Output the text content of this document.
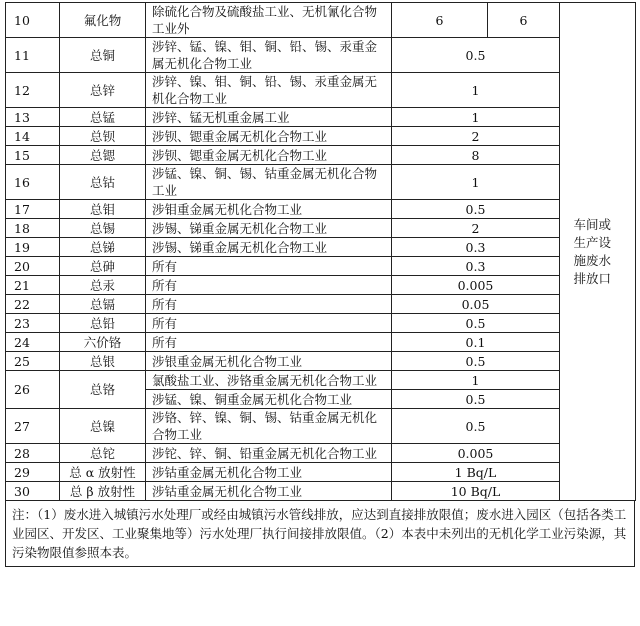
10	氟化物	除硫化合物及硫酸盐工业、无机氰化合物工业外	6	6	车间或生产设施废水排放口
11	总铜	涉锌、锰、镍、钼、铜、铅、锡、汞重金属无机化合物工业	0.5		
12	总锌	涉锌、镍、钼、铜、铅、锡、汞重金属无机化合物工业	1		
13	总锰	涉锌、锰无机重金属工业	1		
14	总钡	涉钡、锶重金属无机化合物工业	2		
15	总锶	涉钡、锶重金属无机化合物工业	8		
16	总钴	涉锰、镍、铜、锡、钴重金属无机化合物工业	1		
17	总钼	涉钼重金属无机化合物工业	0.5		
18	总锡	涉锡、锑重金属无机化合物工业	2		
19	总锑	涉锡、锑重金属无机化合物工业	0.3		
20	总砷	所有	0.3		
21	总汞	所有	0.005		
22	总镉	所有	0.05		
23	总铅	所有	0.5		
24	六价铬	所有	0.1		
25	总银	涉银重金属无机化合物工业	0.5		
26	总铬	氯酸盐工业、涉铬重金属无机化合物工业	1		
		涉锰、镍、铜重金属无机化合物工业	0.5		
27	总镍	涉铬、锌、镍、铜、锡、钴重金属无机化合物工业	0.5		
28	总铊	涉铊、锌、铜、铅重金属无机化合物工业	0.005		
29	总 α 放射性	涉钴重金属无机化合物工业	1 Bq/L		
30	总 β 放射性	涉钴重金属无机化合物工业	10 Bq/L		
注：（1）废水进入城镇污水处理厂或经由城镇污水管线排放，应达到直接排放限值；废水进入园区（包括各类工业园区、开发区、工业聚集地等）污水处理厂执行间接排放限值。（2）本表中未列出的无机化学工业污染源，其污染物限值参照本表。
